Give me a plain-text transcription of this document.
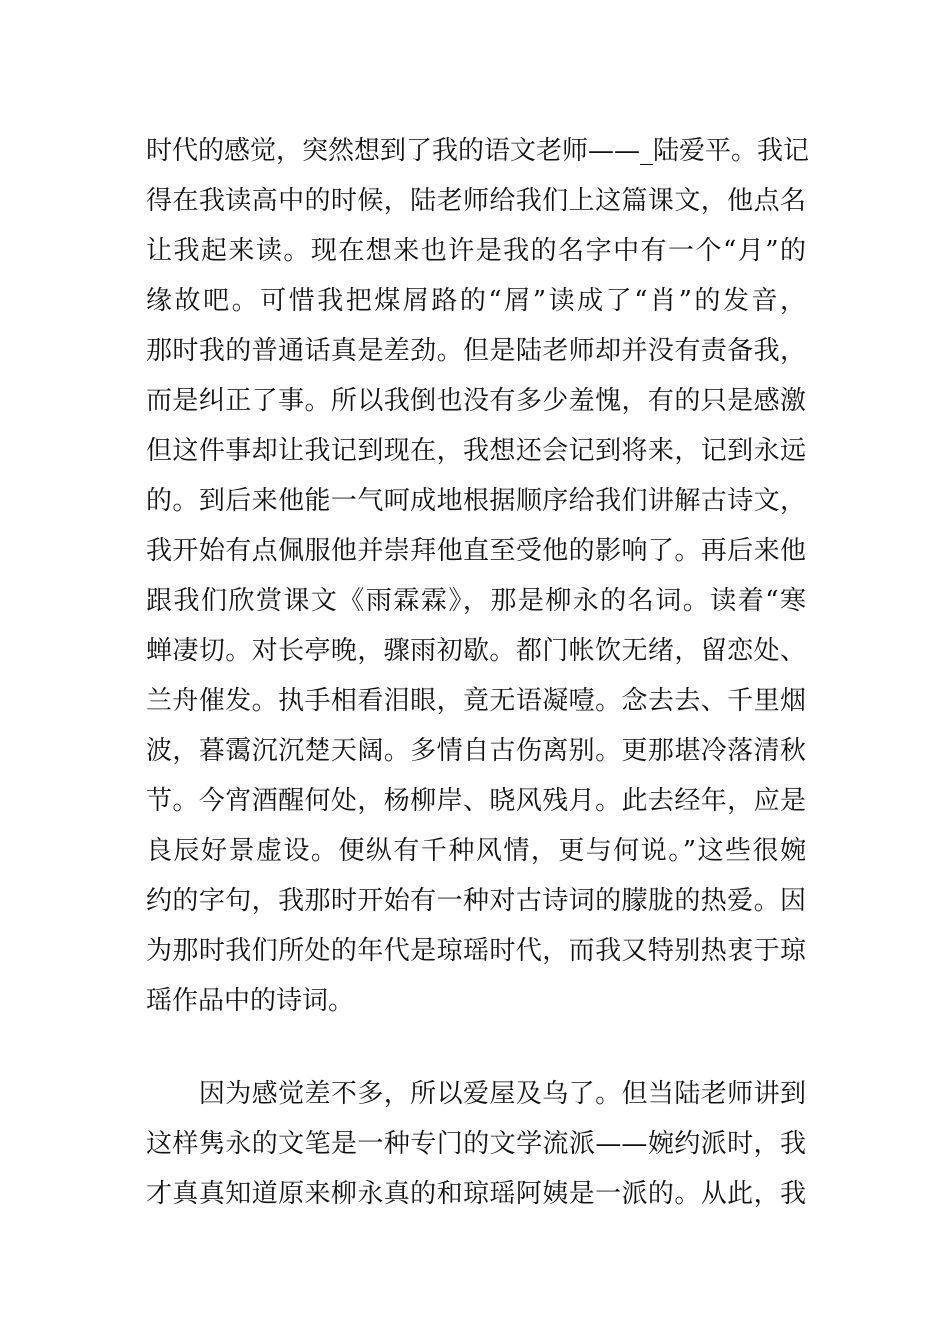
时代的感觉，突然想到了我的语文老师——_陆爱平。我记
得在我读高中的时候，陆老师给我们上这篇课文，他点名
让我起来读。现在想来也许是我的名字中有一个“月”的
缘故吧。可惜我把煤屑路的“屑”读成了“肖”的发音，
那时我的普通话真是差劲。但是陆老师却并没有责备我，
而是纠正了事。所以我倒也没有多少羞愧，有的只是感激
但这件事却让我记到现在，我想还会记到将来，记到永远
的。到后来他能一气呵成地根据顺序给我们讲解古诗文，
我开始有点佩服他并崇拜他直至受他的影响了。再后来他
跟我们欣赏课文《雨霖霖》，那是柳永的名词。读着“寒
蝉凄切。对长亭晚，骤雨初歇。都门帐饮无绪，留恋处、
兰舟催发。执手相看泪眼，竟无语凝噎。念去去、千里烟
波，暮霭沉沉楚天阔。多情自古伤离别。更那堪冷落清秋
节。今宵酒醒何处，杨柳岸、晓风残月。此去经年，应是
良辰好景虚设。便纵有千种风情，更与何说。”这些很婉
约的字句，我那时开始有一种对古诗词的朦胧的热爱。因
为那时我们所处的年代是琼瑶时代，而我又特别热衷于琼
瑶作品中的诗词。
　　因为感觉差不多，所以爱屋及乌了。但当陆老师讲到
这样隽永的文笔是一种专门的文学流派——婉约派时，我
才真真知道原来柳永真的和琼瑶阿姨是一派的。从此，我
